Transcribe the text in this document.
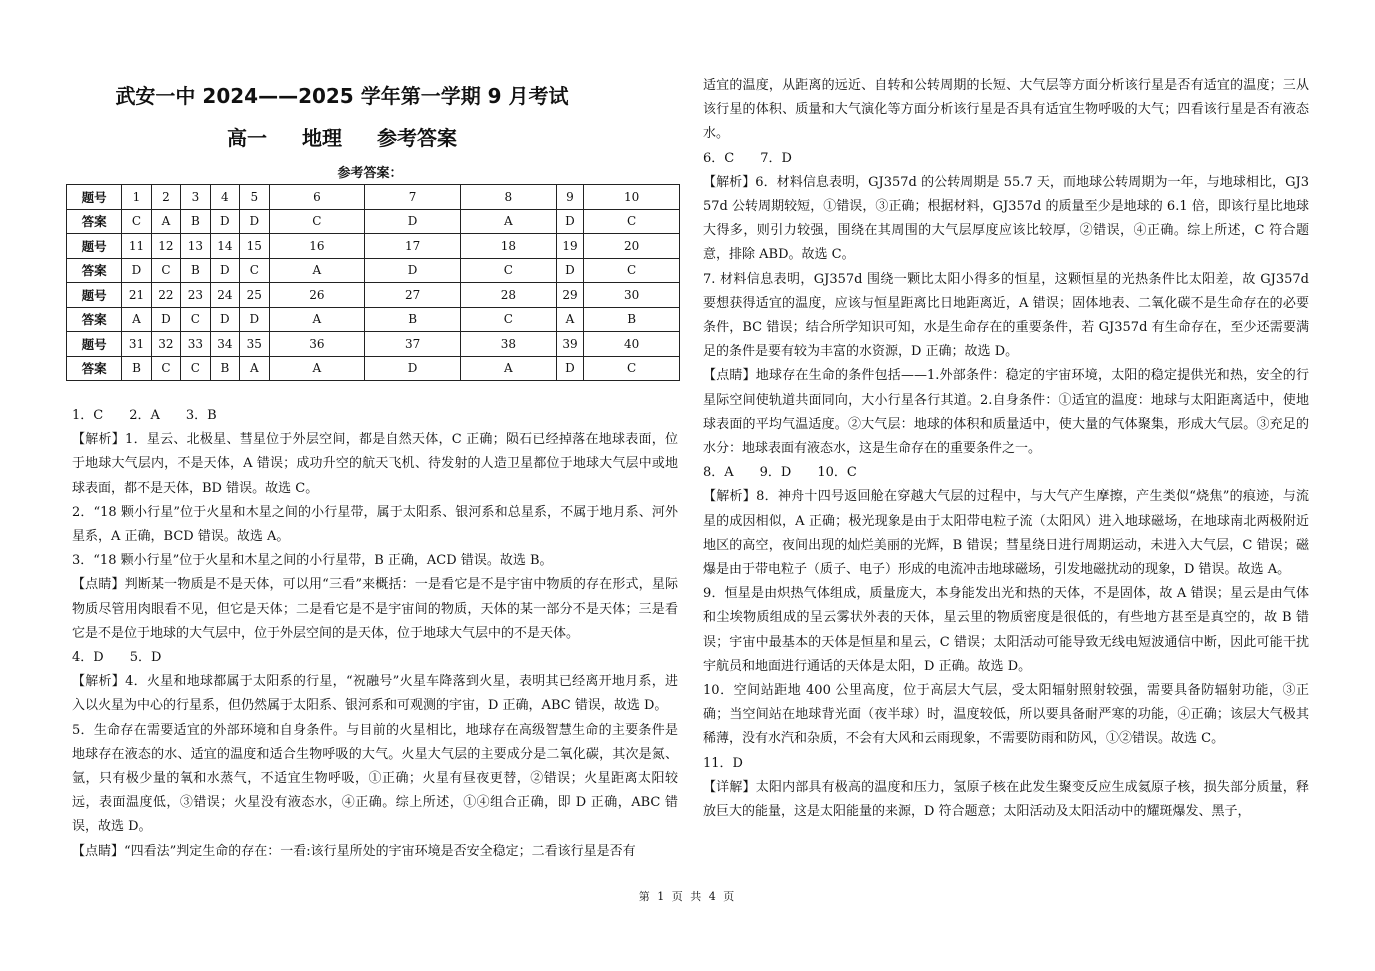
武安一中 2024——2025 学年第一学期 9 月考试
高一 地理 参考答案
参考答案：
题号	1	2	3	4	5	6	7	8	9	10
答案	C	A	B	D	D	C	D	A	D	C
题号	11	12	13	14	15	16	17	18	19	20
答案	D	C	B	D	C	A	D	C	D	C
题号	21	22	23	24	25	26	27	28	29	30
答案	A	D	C	D	D	A	B	C	A	B
题号	31	32	33	34	35	36	37	38	39	40
答案	B	C	C	B	A	A	D	A	D	C

1．C　　2．A　　3．B

【解析】1．星云、北极星、彗星位于外层空间，都是自然天体，C 正确；陨石已经掉落在地球表面，位于地球大气层内，不是天体，A 错误；成功升空的航天飞机、待发射的人造卫星都位于地球大气层中或地球表面，都不是天体，BD 错误。故选 C。

2．“18 颗小行星”位于火星和木星之间的小行星带，属于太阳系、银河系和总星系，不属于地月系、河外星系，A 正确，BCD 错误。故选 A。

3．“18 颗小行星”位于火星和木星之间的小行星带，B 正确，ACD 错误。故选 B。

【点睛】判断某一物质是不是天体，可以用“三看”来概括：一是看它是不是宇宙中物质的存在形式，星际物质尽管用肉眼看不见，但它是天体；二是看它是不是宇宙间的物质，天体的某一部分不是天体；三是看它是不是位于地球的大气层中，位于外层空间的是天体，位于地球大气层中的不是天体。

4．D　　5．D

【解析】4．火星和地球都属于太阳系的行星，“祝融号”火星车降落到火星，表明其已经离开地月系，进入以火星为中心的行星系，但仍然属于太阳系、银河系和可观测的宇宙，D 正确，ABC 错误，故选 D。

5．生命存在需要适宜的外部环境和自身条件。与目前的火星相比，地球存在高级智慧生命的主要条件是地球存在液态的水、适宜的温度和适合生物呼吸的大气。火星大气层的主要成分是二氧化碳，其次是氮、氩，只有极少量的氧和水蒸气，不适宜生物呼吸，①正确；火星有昼夜更替，②错误；火星距离太阳较远，表面温度低，③错误；火星没有液态水，④正确。综上所述，①④组合正确，即 D 正确，ABC 错误，故选 D。

【点睛】“四看法”判定生命的存在：一看:该行星所处的宇宙环境是否安全稳定；二看该行星是否有

适宜的温度，从距离的远近、自转和公转周期的长短、大气层等方面分析该行星是否有适宜的温度；三从该行星的体积、质量和大气演化等方面分析该行星是否具有适宜生物呼吸的大气；四看该行星是否有液态水。

6．C　　7．D

【解析】6．材料信息表明，GJ357d 的公转周期是 55.7 天，而地球公转周期为一年，与地球相比，GJ357d 公转周期较短，①错误，③正确；根据材料，GJ357d 的质量至少是地球的 6.1 倍，即该行星比地球大得多，则引力较强，围绕在其周围的大气层厚度应该比较厚，②错误，④正确。综上所述，C 符合题意，排除 ABD。故选 C。

7. 材料信息表明，GJ357d 围绕一颗比太阳小得多的恒星，这颗恒星的光热条件比太阳差，故 GJ357d 要想获得适宜的温度，应该与恒星距离比日地距离近，A 错误；固体地表、二氧化碳不是生命存在的必要条件，BC 错误；结合所学知识可知，水是生命存在的重要条件，若 GJ357d 有生命存在，至少还需要满足的条件是要有较为丰富的水资源，D 正确；故选 D。

【点睛】地球存在生命的条件包括——1.外部条件：稳定的宇宙环境，太阳的稳定提供光和热，安全的行星际空间使轨道共面同向，大小行星各行其道。2.自身条件：①适宜的温度：地球与太阳距离适中，使地球表面的平均气温适度。②大气层：地球的体积和质量适中，使大量的气体聚集，形成大气层。③充足的水分：地球表面有液态水，这是生命存在的重要条件之一。

8．A　　9．D　　10．C

【解析】8．神舟十四号返回舱在穿越大气层的过程中，与大气产生摩擦，产生类似“烧焦”的痕迹，与流星的成因相似，A 正确；极光现象是由于太阳带电粒子流（太阳风）进入地球磁场，在地球南北两极附近地区的高空，夜间出现的灿烂美丽的光辉，B 错误；彗星绕日进行周期运动，未进入大气层，C 错误；磁爆是由于带电粒子（质子、电子）形成的电流冲击地球磁场，引发地磁扰动的现象，D 错误。故选 A。

9．恒星是由炽热气体组成，质量庞大，本身能发出光和热的天体，不是固体，故 A 错误；星云是由气体和尘埃物质组成的呈云雾状外表的天体，星云里的物质密度是很低的，有些地方甚至是真空的，故 B 错误；宇宙中最基本的天体是恒星和星云，C 错误；太阳活动可能导致无线电短波通信中断，因此可能干扰宇航员和地面进行通话的天体是太阳，D 正确。故选 D。

10．空间站距地 400 公里高度，位于高层大气层，受太阳辐射照射较强，需要具备防辐射功能，③正确；当空间站在地球背光面（夜半球）时，温度较低，所以要具备耐严寒的功能，④正确；该层大气极其稀薄，没有水汽和杂质，不会有大风和云雨现象，不需要防雨和防风，①②错误。故选 C。

11．D

【详解】太阳内部具有极高的温度和压力，氢原子核在此发生聚变反应生成氦原子核，损失部分质量，释放巨大的能量，这是太阳能量的来源，D 符合题意；太阳活动及太阳活动中的耀斑爆发、黑子，

第 1 页 共 4 页
